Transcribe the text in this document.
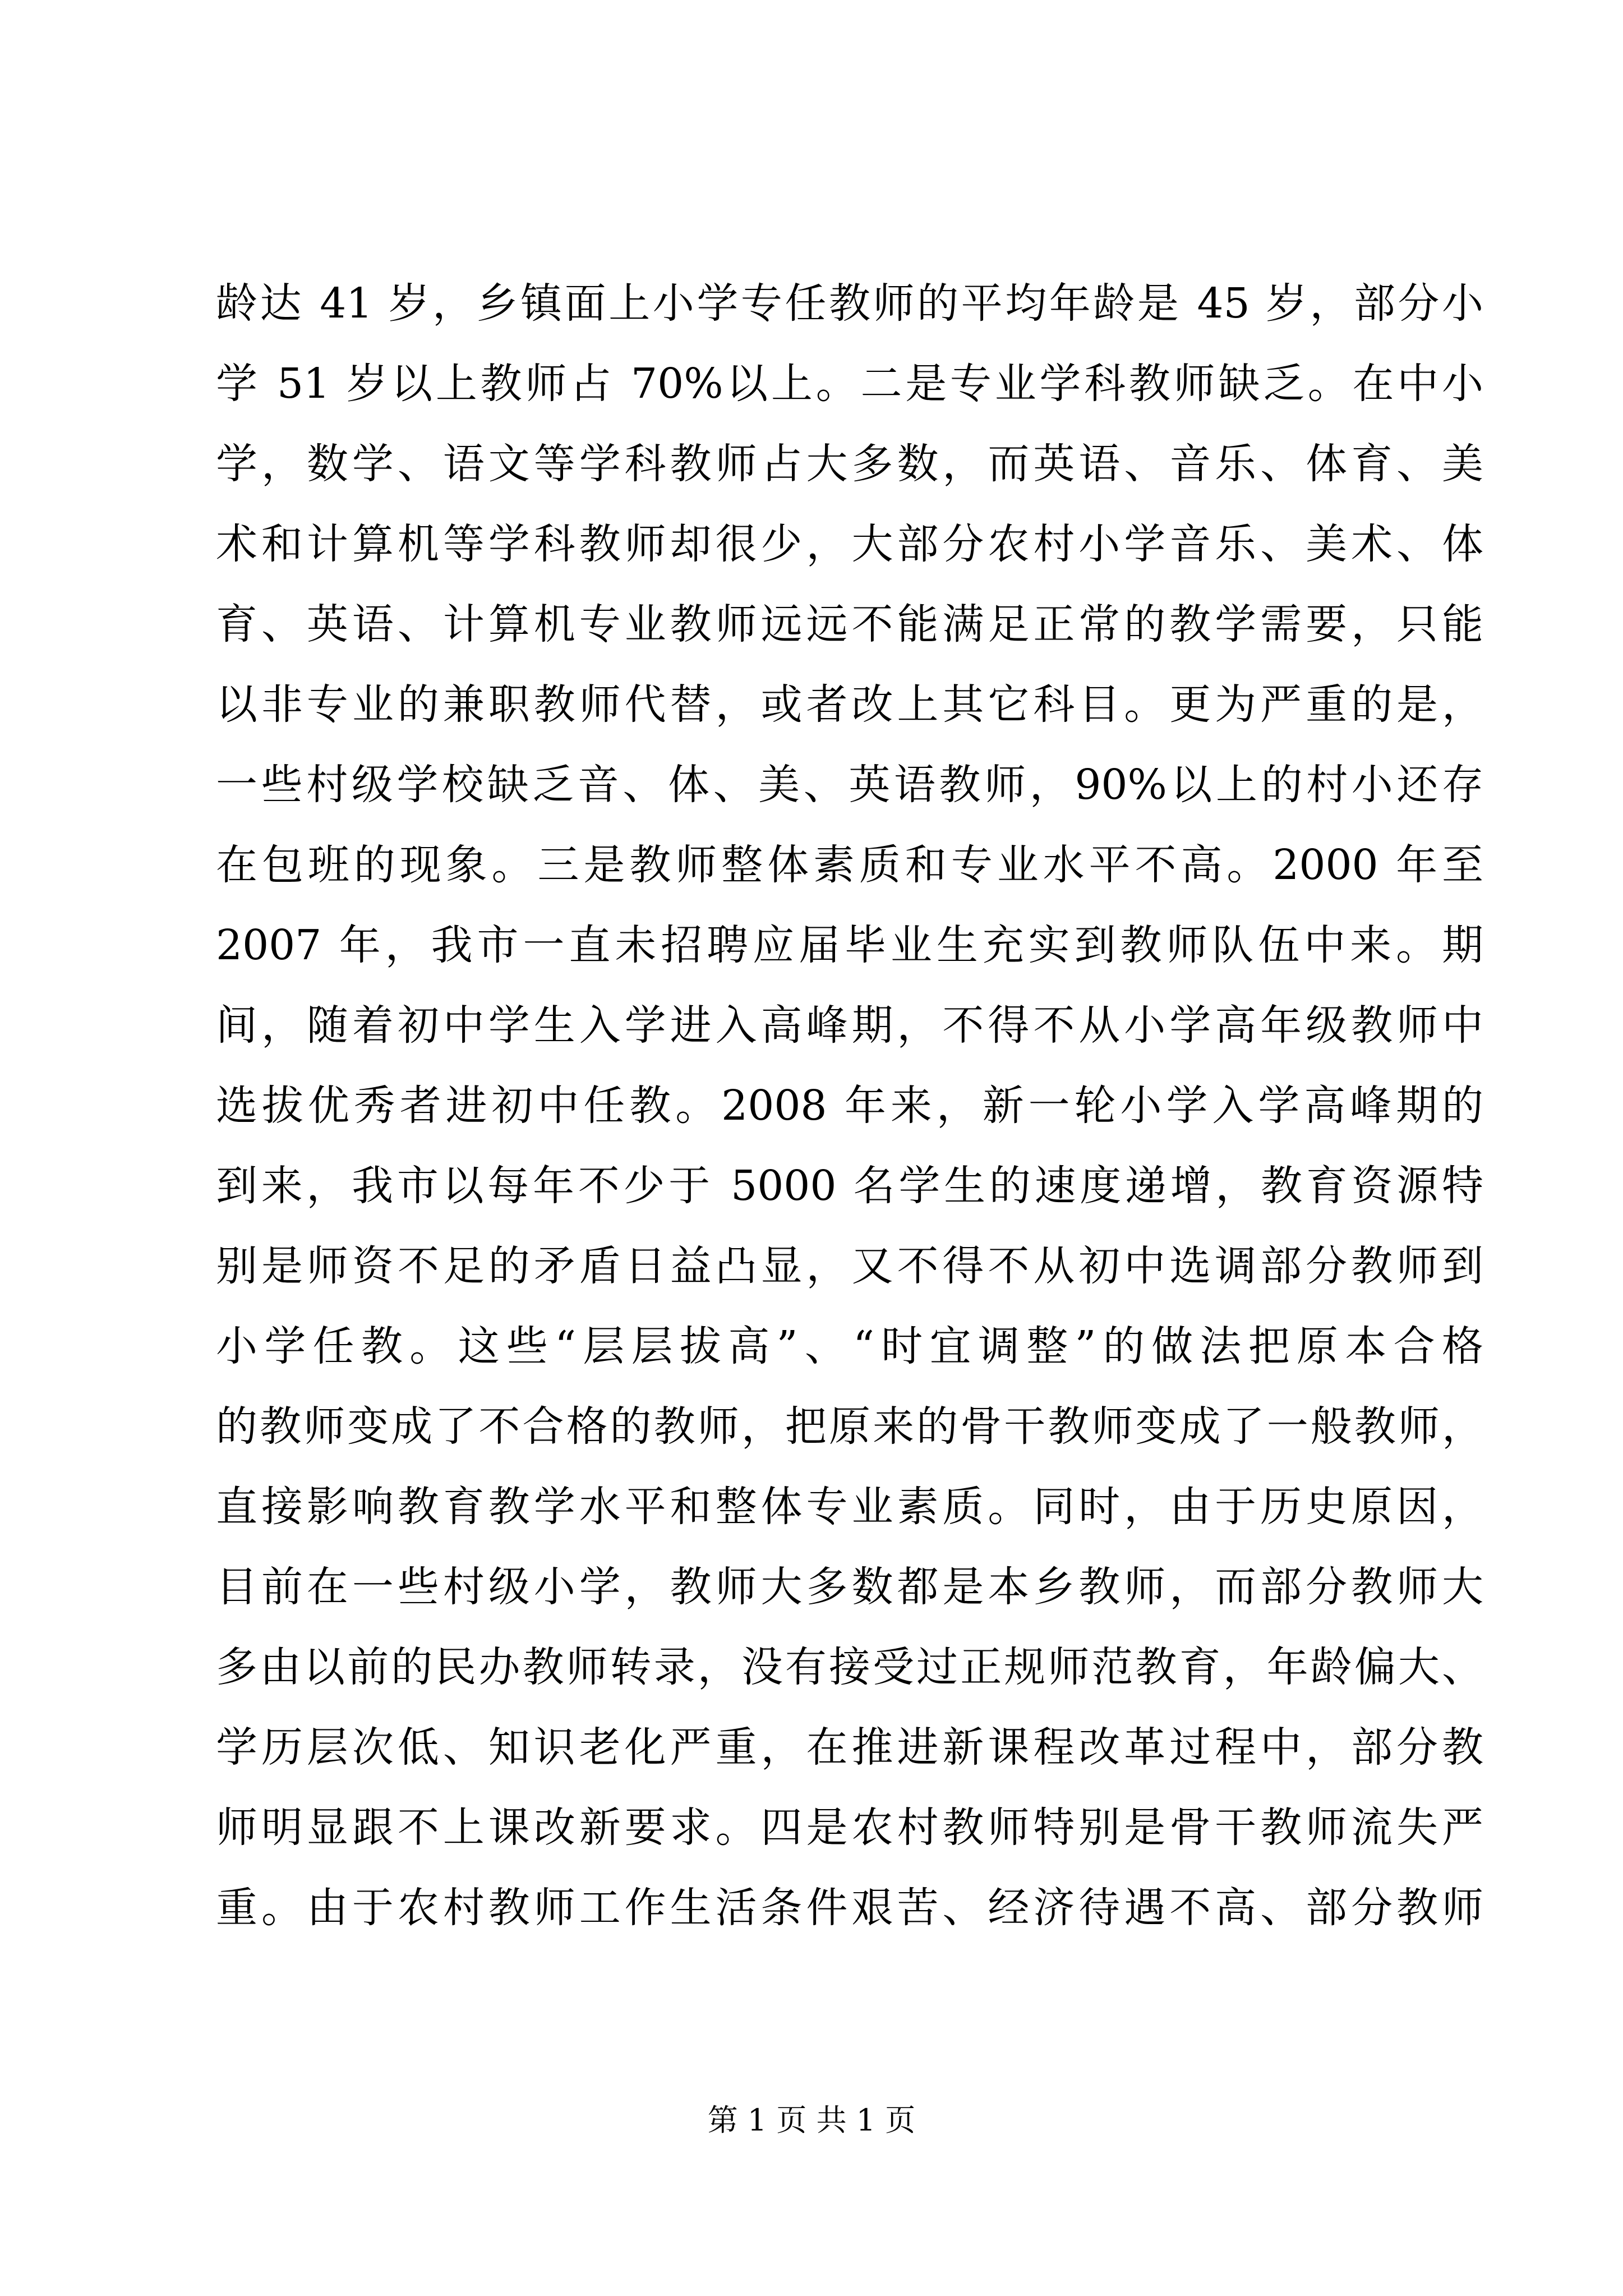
龄达 41 岁，乡镇面上小学专任教师的平均年龄是 45 岁，部分小
学 51 岁以上教师占 70%以上。二是专业学科教师缺乏。在中小
学，数学、语文等学科教师占大多数，而英语、音乐、体育、美
术和计算机等学科教师却很少，大部分农村小学音乐、美术、体
育、英语、计算机专业教师远远不能满足正常的教学需要，只能
以非专业的兼职教师代替，或者改上其它科目。更为严重的是，
一些村级学校缺乏音、体、美、英语教师，90%以上的村小还存
在包班的现象。三是教师整体素质和专业水平不高。2000 年至
2007 年，我市一直未招聘应届毕业生充实到教师队伍中来。期
间，随着初中学生入学进入高峰期，不得不从小学高年级教师中
选拔优秀者进初中任教。2008 年来，新一轮小学入学高峰期的
到来，我市以每年不少于 5000 名学生的速度递增，教育资源特
别是师资不足的矛盾日益凸显，又不得不从初中选调部分教师到
小学任教。这些“层层拔高”、“时宜调整”的做法把原本合格
的教师变成了不合格的教师，把原来的骨干教师变成了一般教师，
直接影响教育教学水平和整体专业素质。同时，由于历史原因，
目前在一些村级小学，教师大多数都是本乡教师，而部分教师大
多由以前的民办教师转录，没有接受过正规师范教育，年龄偏大、
学历层次低、知识老化严重，在推进新课程改革过程中，部分教
师明显跟不上课改新要求。四是农村教师特别是骨干教师流失严
重。由于农村教师工作生活条件艰苦、经济待遇不高、部分教师
第 1 页 共 1 页
